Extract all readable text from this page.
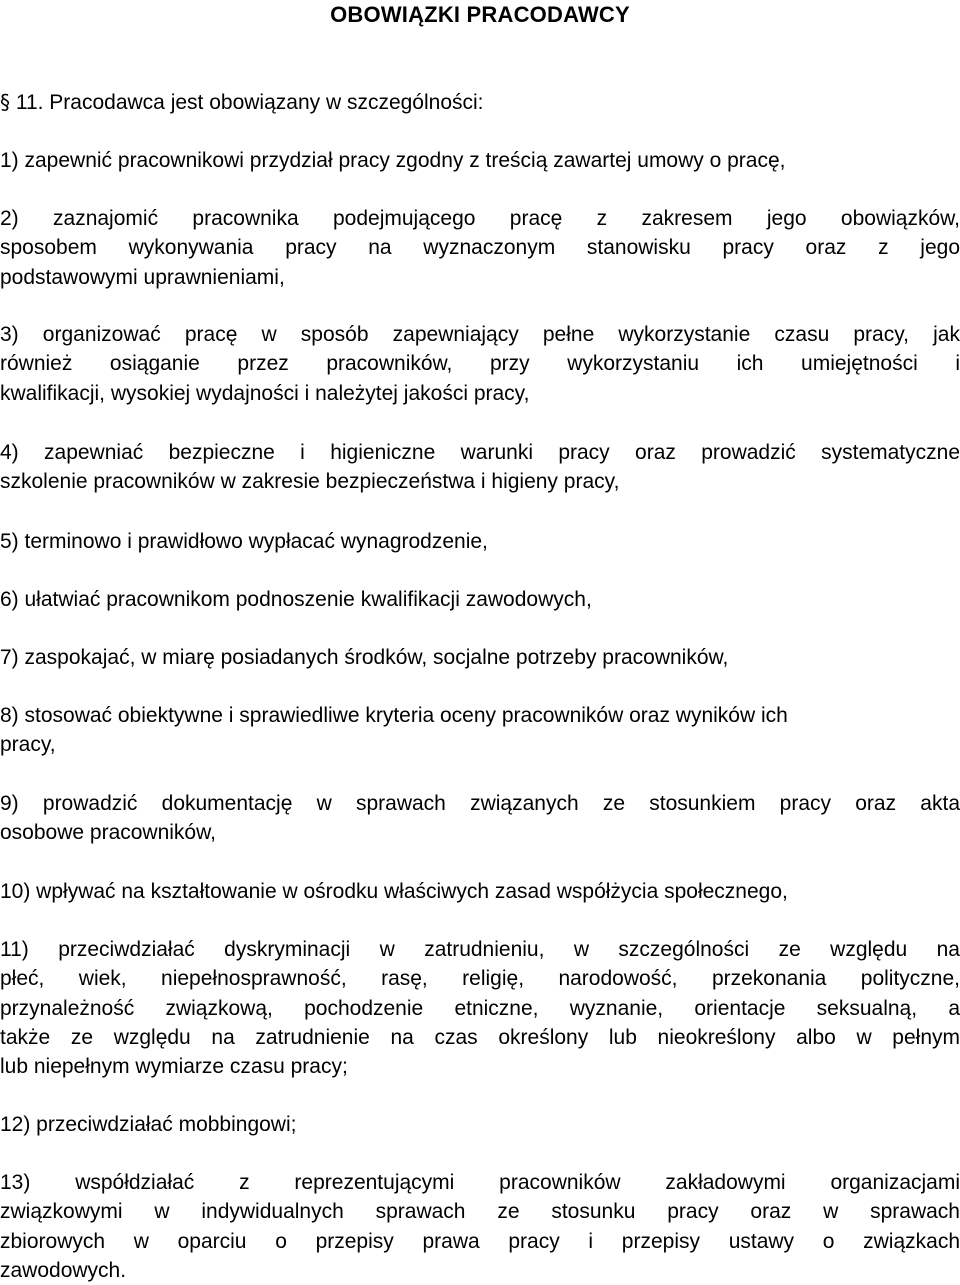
OBOWIĄZKI PRACODAWCY
§ 11. Pracodawca jest obowiązany w szczególności:
1) zapewnić pracownikowi przydział pracy zgodny z treścią zawartej umowy o pracę,
2) zaznajomić pracownika podejmującego pracę z zakresem jego obowiązków,
sposobem wykonywania pracy na wyznaczonym stanowisku pracy oraz z jego
podstawowymi uprawnieniami,
3) organizować pracę w sposób zapewniający pełne wykorzystanie czasu pracy, jak
również osiąganie przez pracowników, przy wykorzystaniu ich umiejętności i
kwalifikacji, wysokiej wydajności i należytej jakości pracy,
4) zapewniać bezpieczne i higieniczne warunki pracy oraz prowadzić systematyczne
szkolenie pracowników w zakresie bezpieczeństwa i higieny pracy,
5) terminowo i prawidłowo wypłacać wynagrodzenie,
6) ułatwiać pracownikom podnoszenie kwalifikacji zawodowych,
7) zaspokajać, w miarę posiadanych środków, socjalne potrzeby pracowników,
8) stosować obiektywne i sprawiedliwe kryteria oceny pracowników oraz wyników ich
pracy,
9) prowadzić dokumentację w sprawach związanych ze stosunkiem pracy oraz akta
osobowe pracowników,
10) wpływać na kształtowanie w ośrodku właściwych zasad współżycia społecznego,
11) przeciwdziałać dyskryminacji w zatrudnieniu, w szczególności ze względu na
płeć, wiek, niepełnosprawność, rasę, religię, narodowość, przekonania polityczne,
przynależność związkową, pochodzenie etniczne, wyznanie, orientacje seksualną, a
także ze względu na zatrudnienie na czas określony lub nieokreślony albo w pełnym
lub niepełnym wymiarze czasu pracy;
12) przeciwdziałać mobbingowi;
13) współdziałać z reprezentującymi pracowników zakładowymi organizacjami
związkowymi w indywidualnych sprawach ze stosunku pracy oraz w sprawach
zbiorowych w oparciu o przepisy prawa pracy i przepisy ustawy o związkach
zawodowych.
